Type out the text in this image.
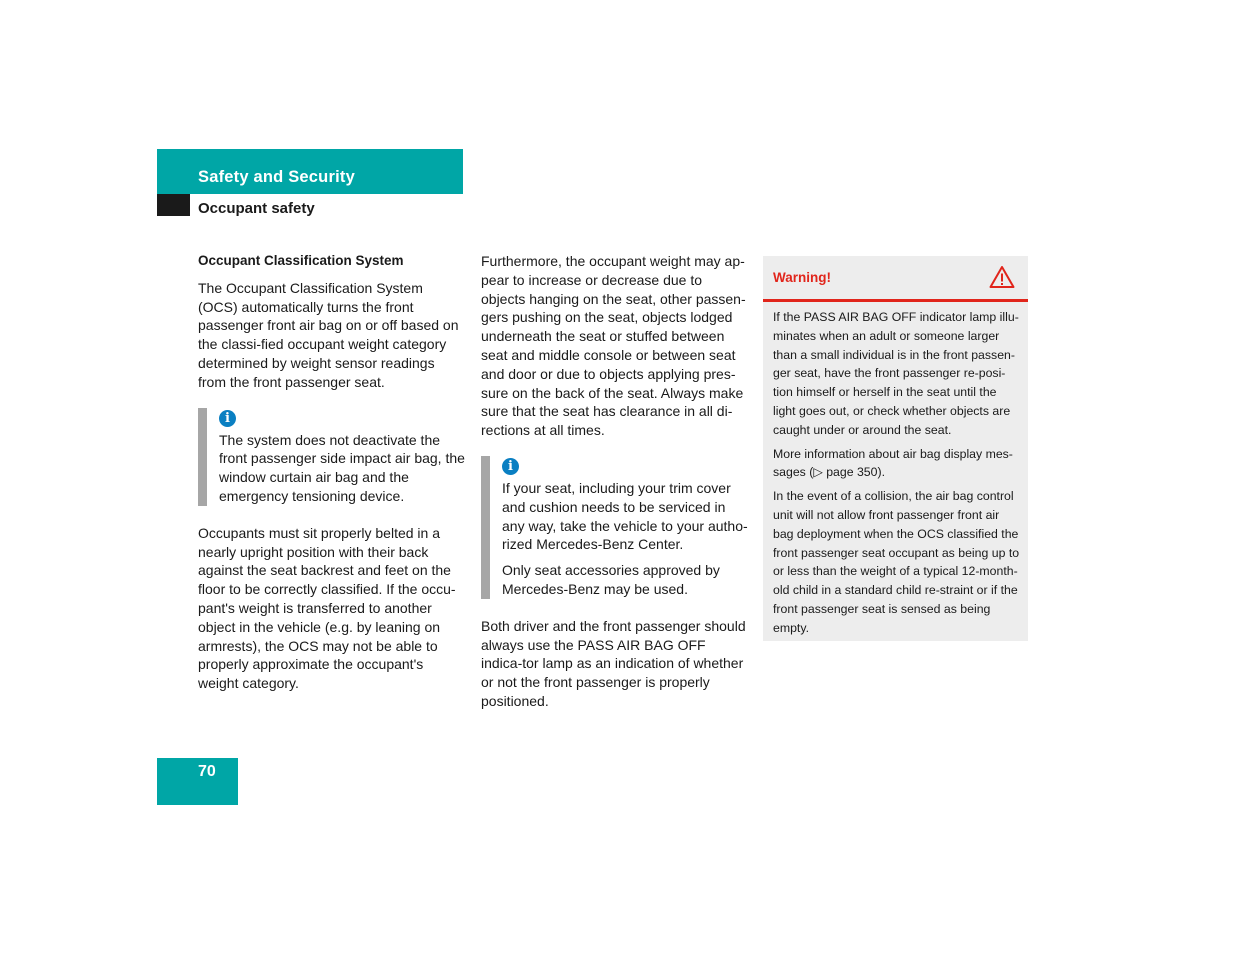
Safety and Security
Occupant safety

Occupant Classification System

The Occupant Classification System (OCS) automatically turns the front passenger front air bag on or off based on the classi-fied occupant weight category determined by weight sensor readings from the front passenger seat.

i

The system does not deactivate the front passenger side impact air bag, the window curtain air bag and the emergency tensioning device.

Occupants must sit properly belted in a nearly upright position with their back against the seat backrest and feet on the floor to be correctly classified. If the occu-pant's weight is transferred to another object in the vehicle (e.g. by leaning on armrests), the OCS may not be able to properly approximate the occupant's weight category.

Furthermore, the occupant weight may ap-pear to increase or decrease due to objects hanging on the seat, other passen-gers pushing on the seat, objects lodged underneath the seat or stuffed between seat and middle console or between seat and door or due to objects applying pres-sure on the back of the seat. Always make sure that the seat has clearance in all di-rections at all times.

i

If your seat, including your trim cover and cushion needs to be serviced in any way, take the vehicle to your autho-rized Mercedes-Benz Center.

Only seat accessories approved by Mercedes-Benz may be used.

Both driver and the front passenger should always use the PASS AIR BAG OFF indica-tor lamp as an indication of whether or not the front passenger is properly positioned.

Warning!

If the PASS AIR BAG OFF indicator lamp illu-minates when an adult or someone larger than a small individual is in the front passen-ger seat, have the front passenger re-posi-tion himself or herself in the seat until the light goes out, or check whether objects are caught under or around the seat.

More information about air bag display mes-sages (▷ page 350).

In the event of a collision, the air bag control unit will not allow front passenger front air bag deployment when the OCS classified the front passenger seat occupant as being up to or less than the weight of a typical 12-month-old child in a standard child re-straint or if the front passenger seat is sensed as being empty.

70
